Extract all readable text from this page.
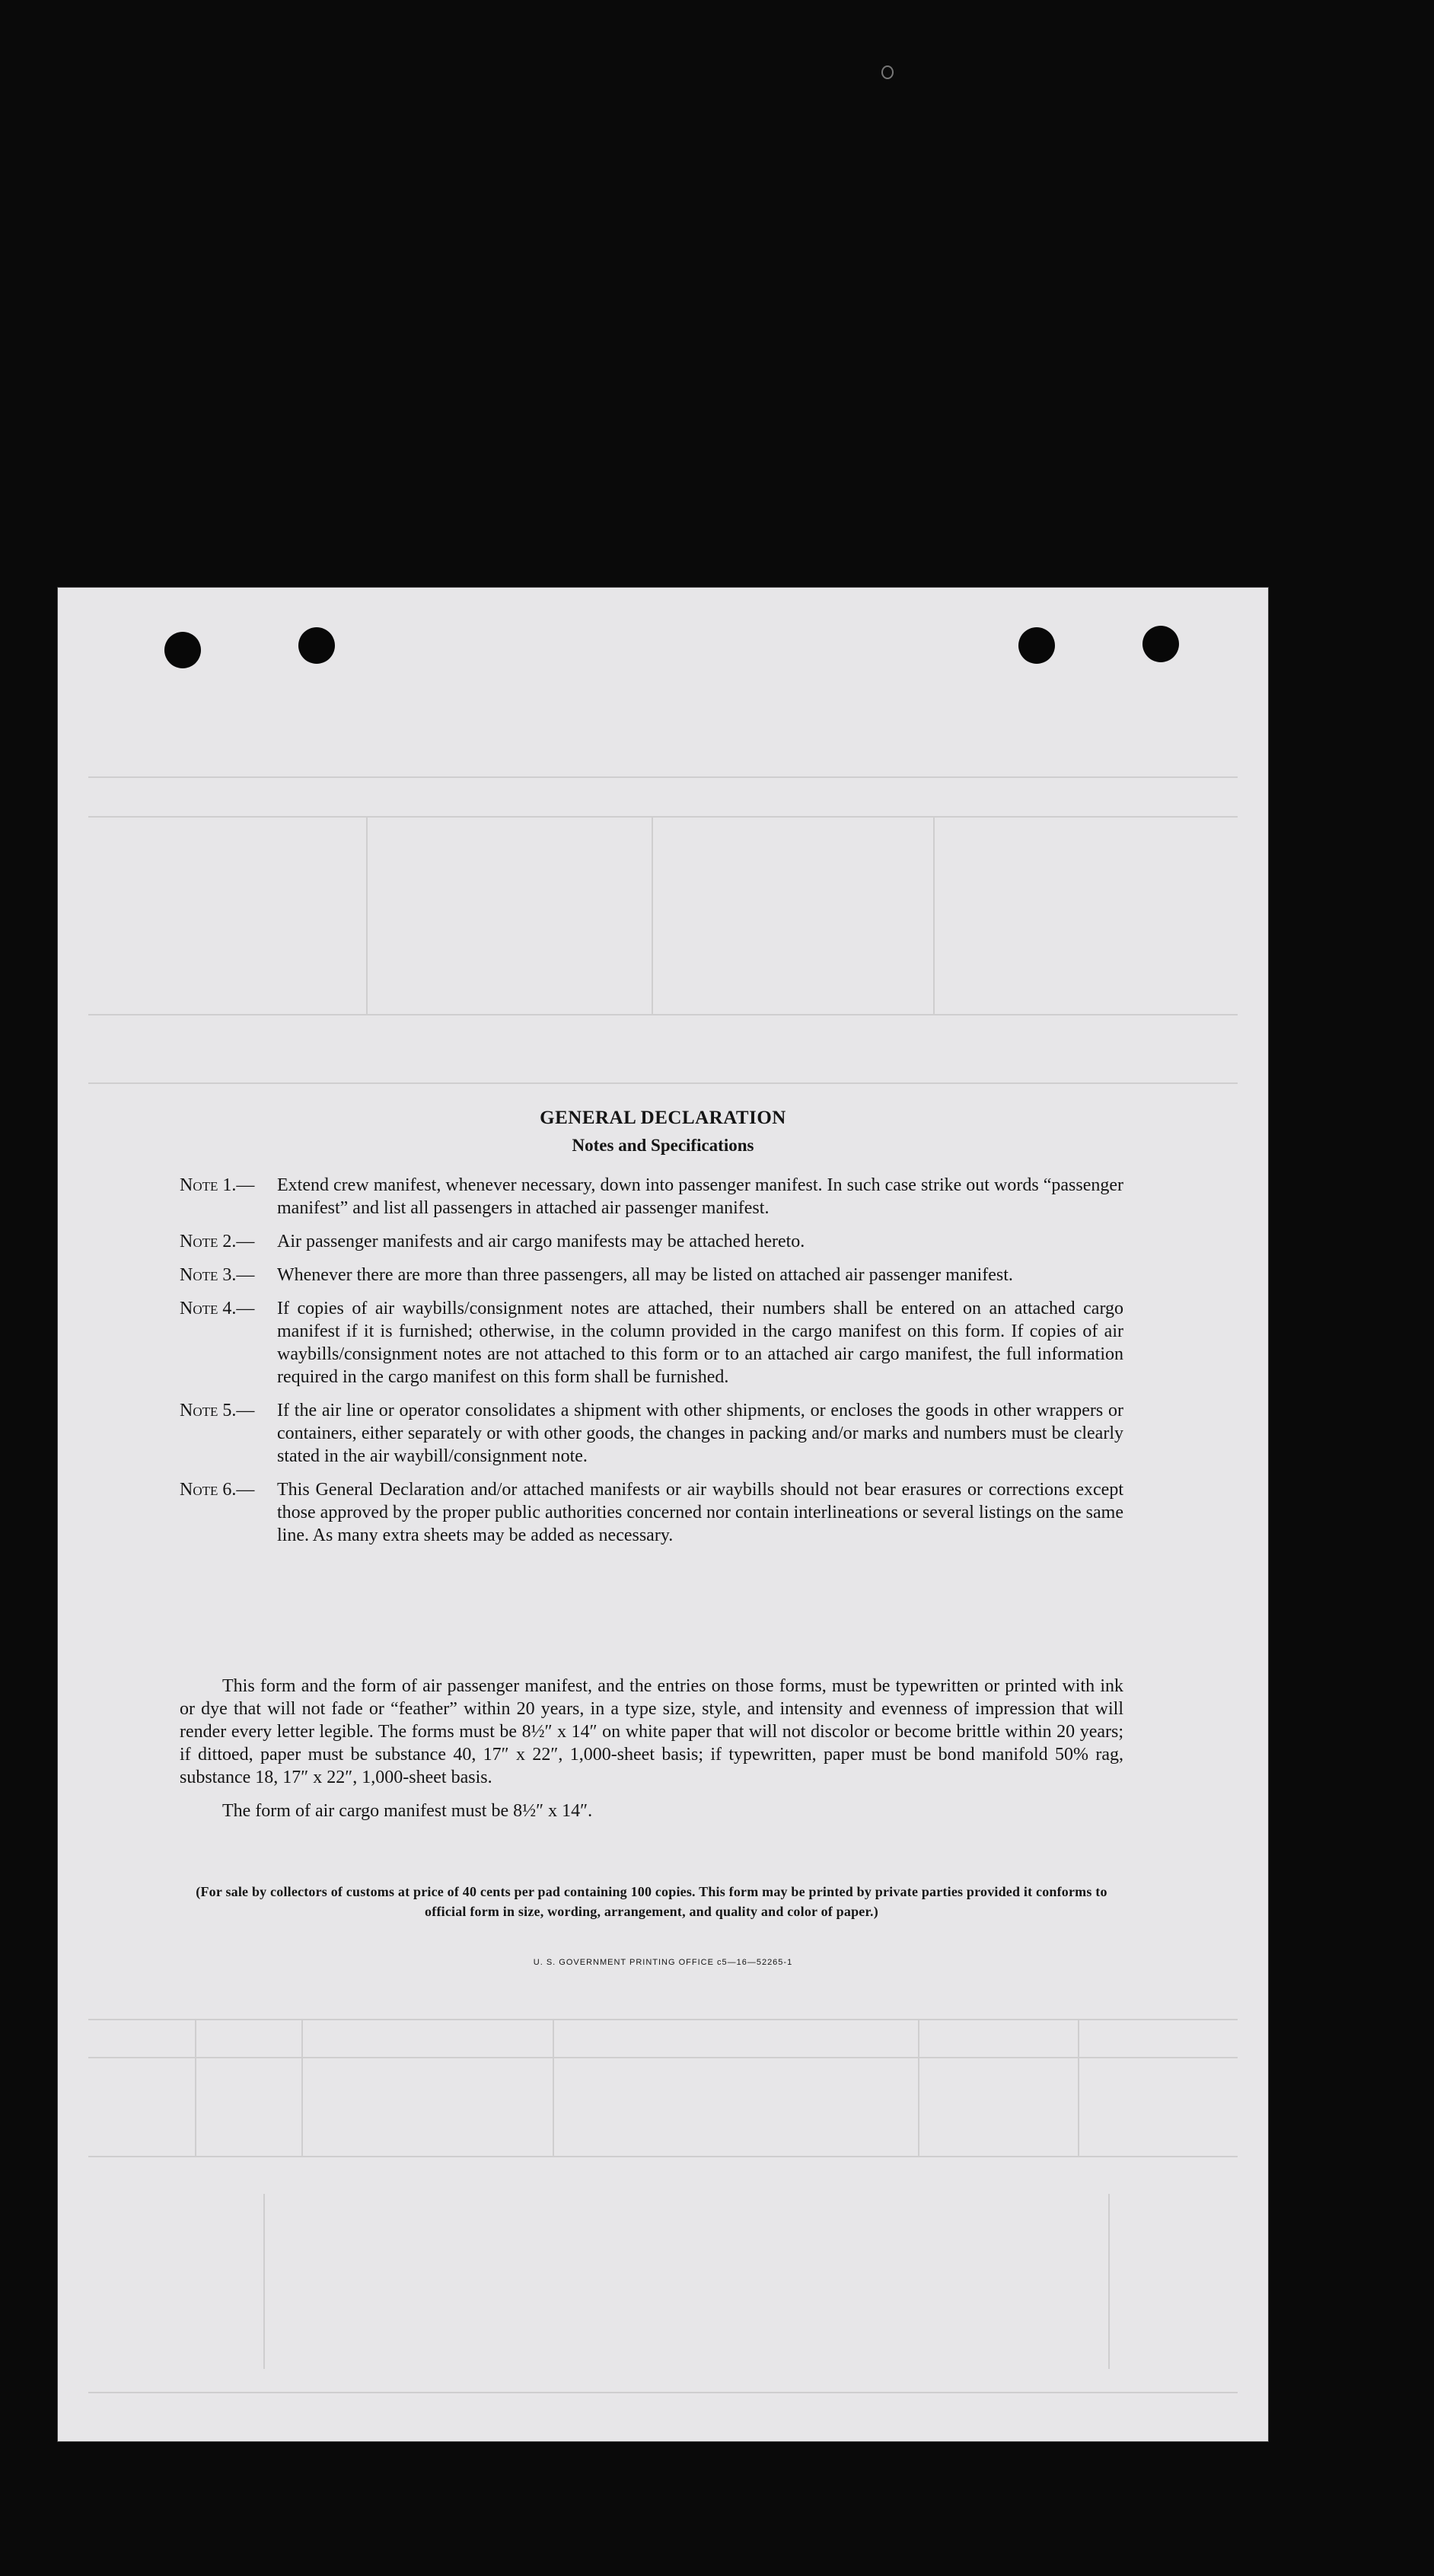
GENERAL DECLARATION
Notes and Specifications
Note 1.—	Extend crew manifest, whenever necessary, down into passenger manifest. In such case strike out words “passenger manifest” and list all passengers in attached air passenger manifest.
Note 2.—	Air passenger manifests and air cargo manifests may be attached hereto.
Note 3.—	Whenever there are more than three passengers, all may be listed on attached air passenger manifest.
Note 4.—	If copies of air waybills/consignment notes are attached, their numbers shall be entered on an attached cargo manifest if it is furnished; otherwise, in the column provided in the cargo manifest on this form. If copies of air waybills/consignment notes are not attached to this form or to an attached air cargo manifest, the full information required in the cargo manifest on this form shall be furnished.
Note 5.—	If the air line or operator consolidates a shipment with other shipments, or encloses the goods in other wrappers or containers, either separately or with other goods, the changes in packing and/or marks and numbers must be clearly stated in the air waybill/consignment note.
Note 6.—	This General Declaration and/or attached manifests or air waybills should not bear erasures or corrections except those approved by the proper public authorities concerned nor contain interlineations or several listings on the same line. As many extra sheets may be added as necessary.
This form and the form of air passenger manifest, and the entries on those forms, must be typewritten or printed with ink or dye that will not fade or “feather” within 20 years, in a type size, style, and intensity and evenness of impression that will render every letter legible. The forms must be 8½″ x 14″ on white paper that will not discolor or become brittle within 20 years; if dittoed, paper must be substance 40, 17″ x 22″, 1,000-sheet basis; if typewritten, paper must be bond manifold 50% rag, substance 18, 17″ x 22″, 1,000-sheet basis.
The form of air cargo manifest must be 8½″ x 14″.
(For sale by collectors of customs at price of 40 cents per pad containing 100 copies. This form may be printed by private parties provided it conforms to official form in size, wording, arrangement, and quality and color of paper.)
U. S. GOVERNMENT PRINTING OFFICE c5—16—52265-1
